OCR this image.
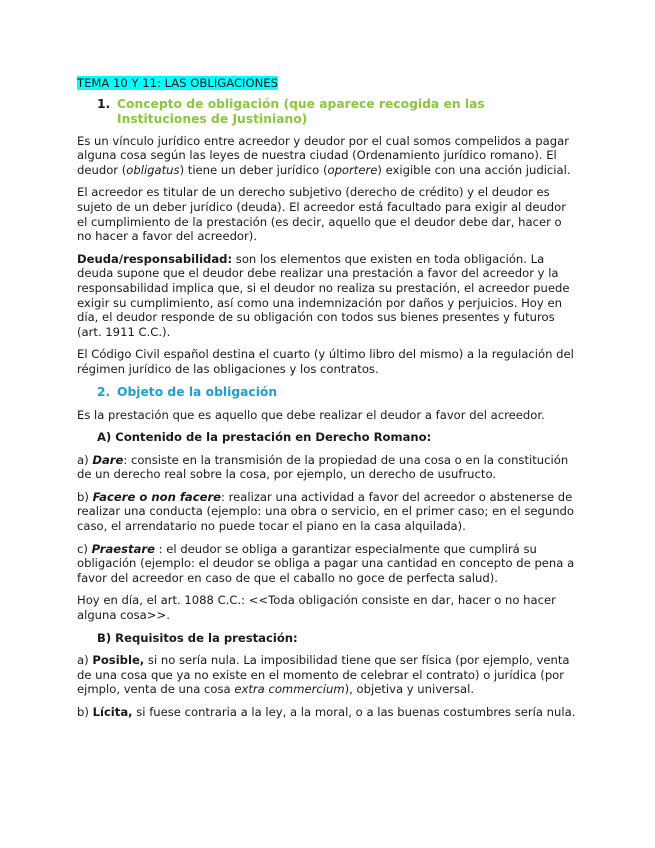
TEMA 10 Y 11: LAS OBLIGACIONES

1. Concepto de obligación (que aparece recogida en las Instituciones de Justiniano)

Es un vínculo jurídico entre acreedor y deudor por el cual somos compelidos a pagar alguna cosa según las leyes de nuestra ciudad (Ordenamiento jurídico romano). El deudor (obligatus) tiene un deber jurídico (oportere) exigible con una acción judicial.

El acreedor es titular de un derecho subjetivo (derecho de crédito) y el deudor es sujeto de un deber jurídico (deuda). El acreedor está facultado para exigir al deudor el cumplimiento de la prestación (es decir, aquello que el deudor debe dar, hacer o no hacer a favor del acreedor).

Deuda/responsabilidad: son los elementos que existen en toda obligación. La deuda supone que el deudor debe realizar una prestación a favor del acreedor y la responsabilidad implica que, si el deudor no realiza su prestación, el acreedor puede exigir su cumplimiento, así como una indemnización por daños y perjuicios. Hoy en día, el deudor responde de su obligación con todos sus bienes presentes y futuros (art. 1911 C.C.).

El Código Civil español destina el cuarto (y último libro del mismo) a la regulación del régimen jurídico de las obligaciones y los contratos.

2. Objeto de la obligación

Es la prestación que es aquello que debe realizar el deudor a favor del acreedor.

A) Contenido de la prestación en Derecho Romano:

a) Dare: consiste en la transmisión de la propiedad de una cosa o en la constitución de un derecho real sobre la cosa, por ejemplo, un derecho de usufructo.

b) Facere o non facere: realizar una actividad a favor del acreedor o abstenerse de realizar una conducta (ejemplo: una obra o servicio, en el primer caso; en el segundo caso, el arrendatario no puede tocar el piano en la casa alquilada).

c) Praestare : el deudor se obliga a garantizar especialmente que cumplirá su obligación (ejemplo: el deudor se obliga a pagar una cantidad en concepto de pena a favor del acreedor en caso de que el caballo no goce de perfecta salud).

Hoy en día, el art. 1088 C.C.: <<Toda obligación consiste en dar, hacer o no hacer alguna cosa>>.

B) Requisitos de la prestación:

a) Posible, si no sería nula. La imposibilidad tiene que ser física (por ejemplo, venta de una cosa que ya no existe en el momento de celebrar el contrato) o jurídica (por ejmplo, venta de una cosa extra commercium), objetiva y universal.

b) Lícita, si fuese contraria a la ley, a la moral, o a las buenas costumbres sería nula.
